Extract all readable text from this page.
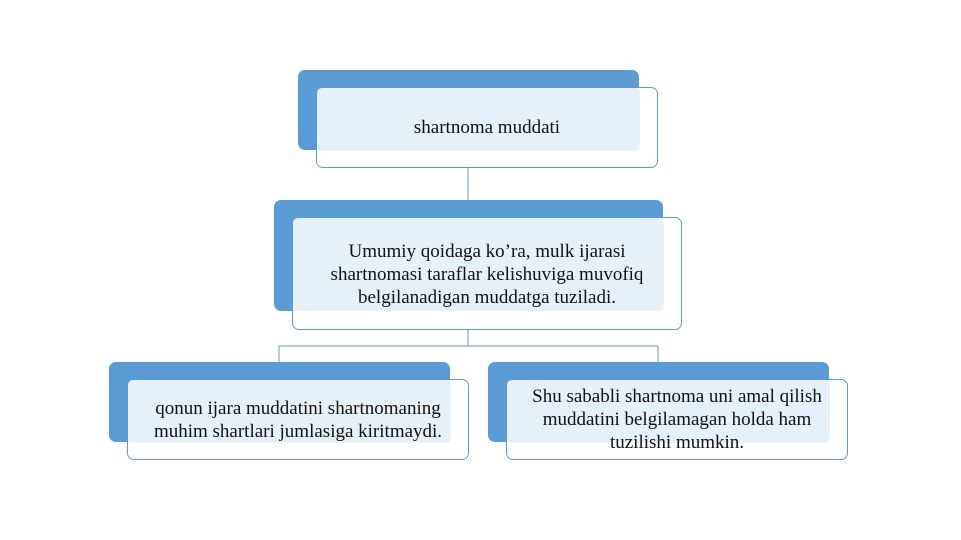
shartnoma muddati
Umumiy qoidaga ko’ra, mulk ijarasi shartnomasi taraflar kelishuviga muvofiq belgilanadigan muddatga tuziladi.
qonun ijara muddatini shartnomaning muhim shartlari jumlasiga kiritmaydi.
Shu sababli shartnoma uni amal qilish muddatini belgilamagan holda ham tuzilishi mumkin.
